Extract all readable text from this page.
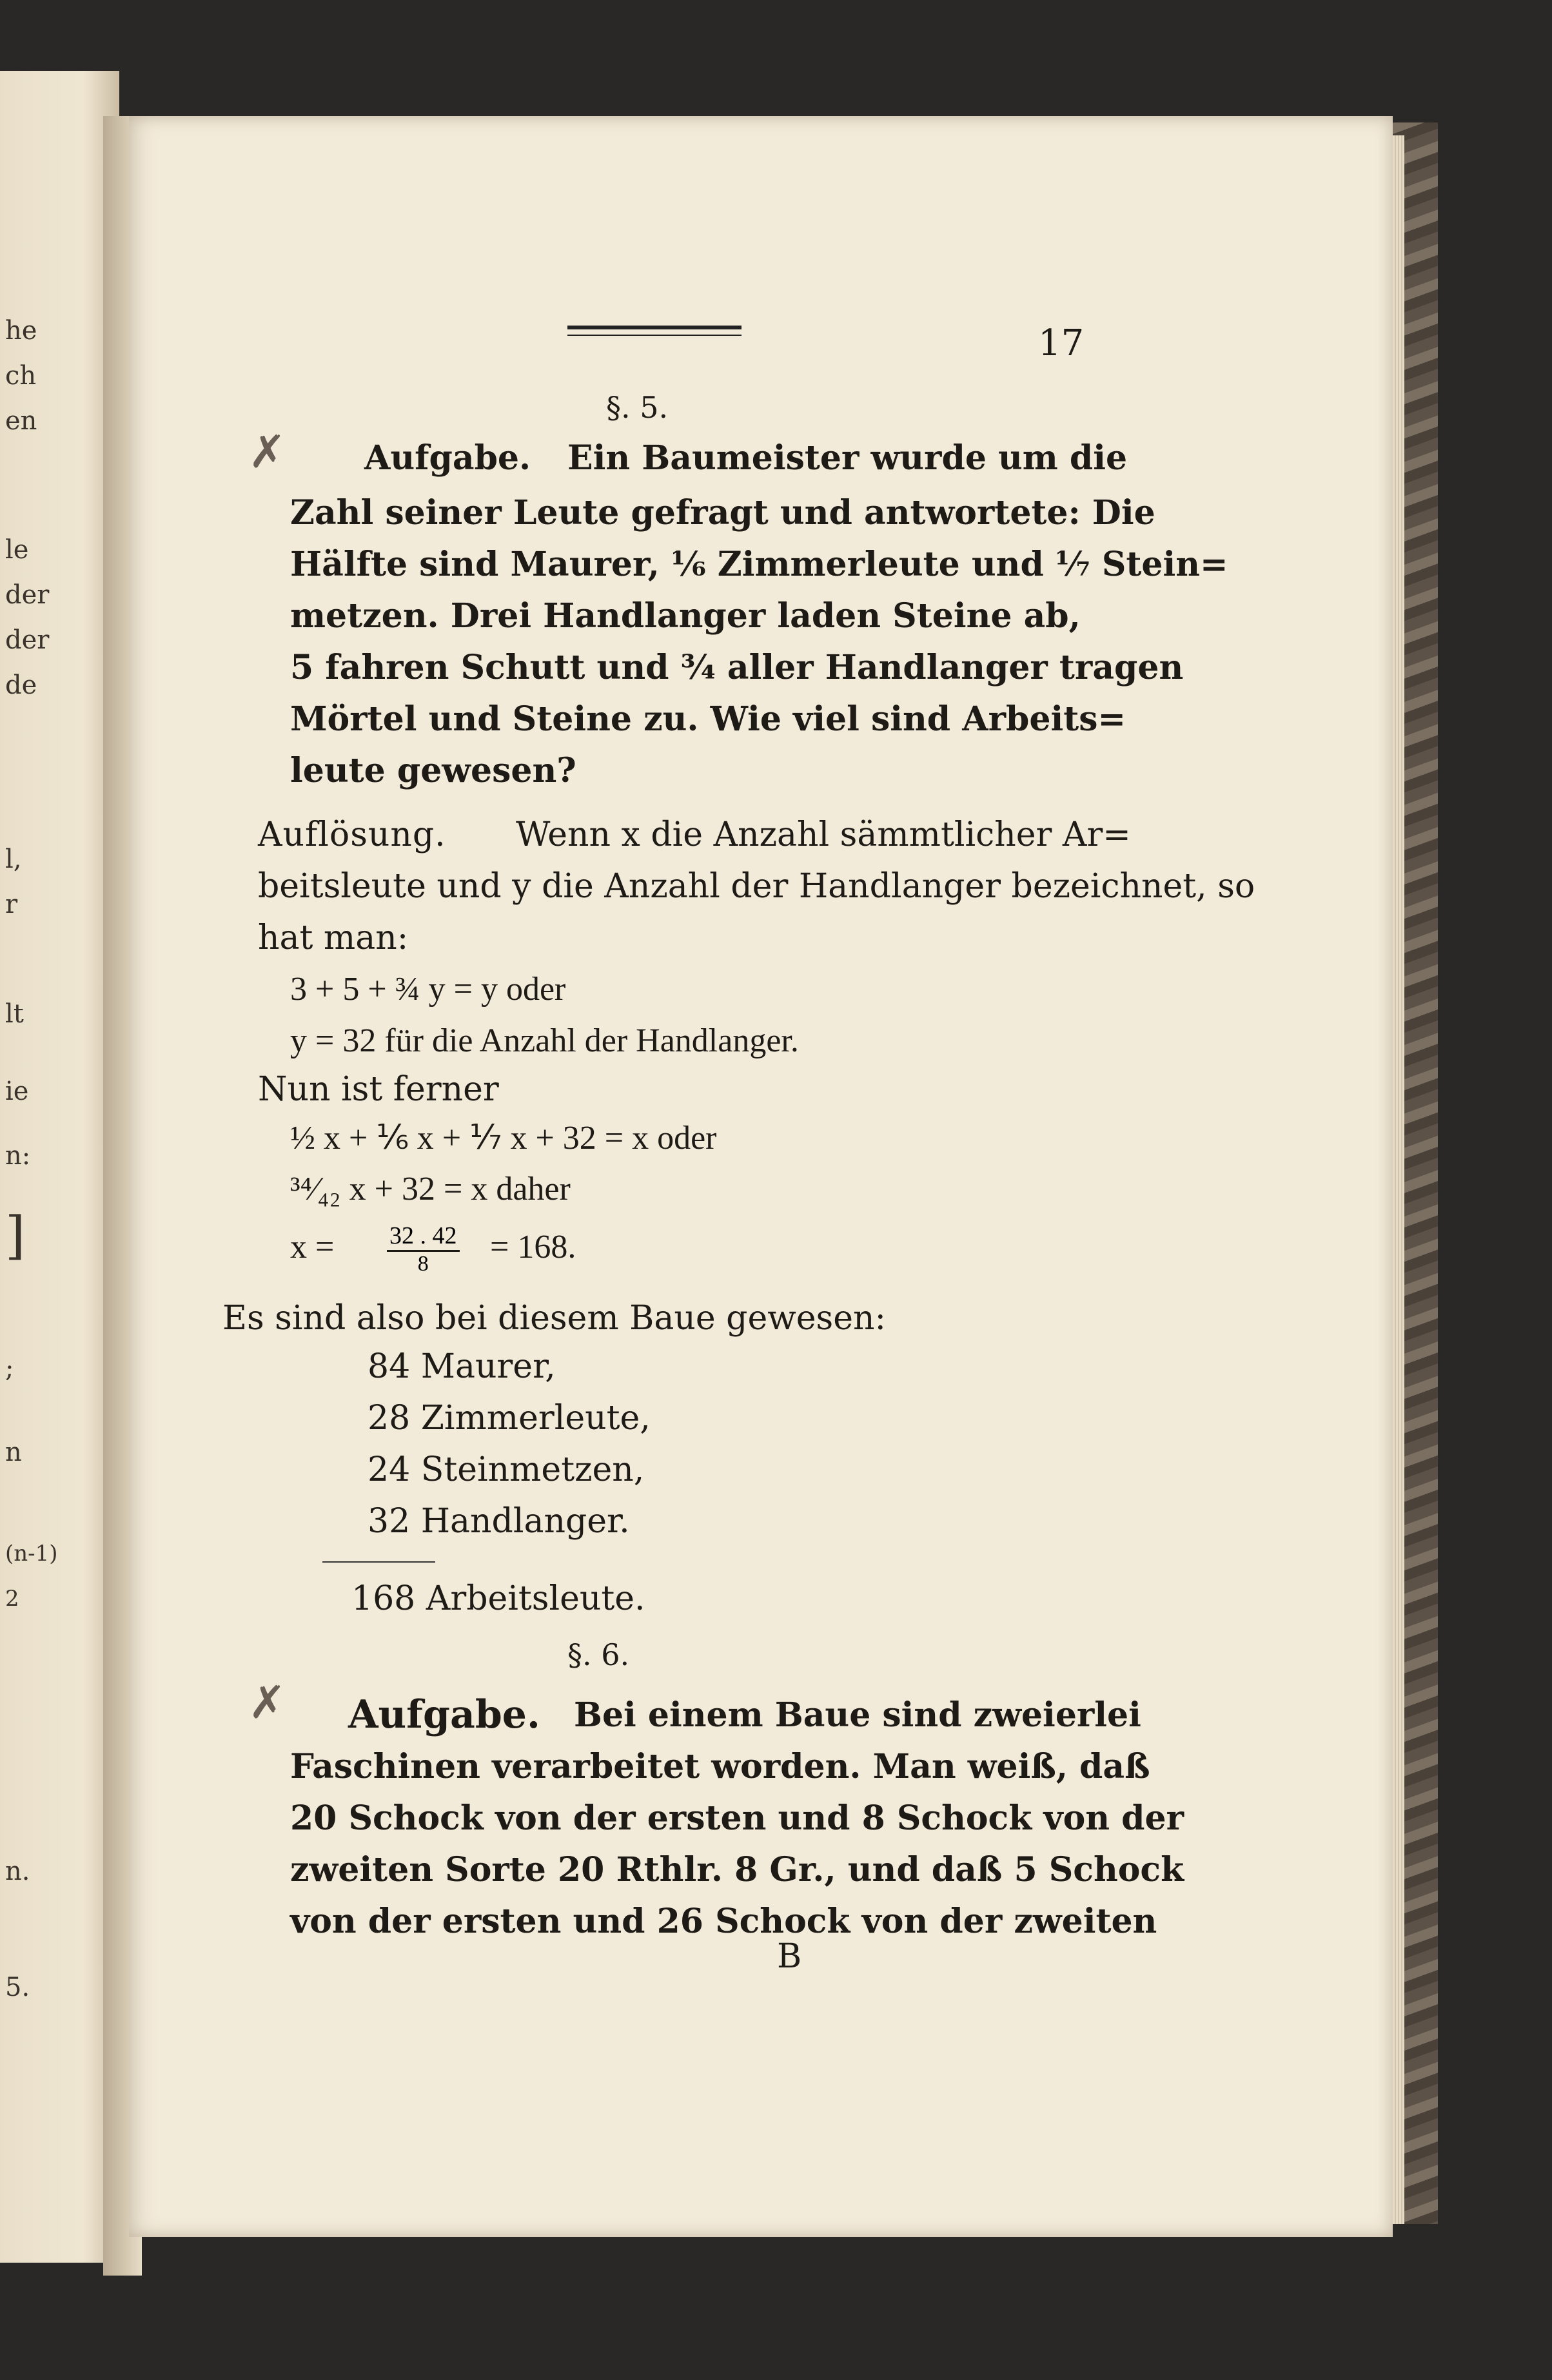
he
ch
en
le
der
der
de
l,
r
lt
ie
n:
]
;
n
(n-1)
2
n.
5.
17
§. 5.
✗ Aufgabe. Ein Baumeister wurde um die
Zahl seiner Leute gefragt und antwortete: Die
Hälfte sind Maurer, ⅙ Zimmerleute und ⅐ Stein=
metzen. Drei Handlanger laden Steine ab,
5 fahren Schutt und ¾ aller Handlanger tragen
Mörtel und Steine zu. Wie viel sind Arbeits=
leute gewesen?
Auflösung. Wenn x die Anzahl sämmtlicher Ar=
beitsleute und y die Anzahl der Handlanger bezeichnet, so
hat man:
3 + 5 + ¾ y = y oder
y = 32 für die Anzahl der Handlanger.
Nun ist ferner
½ x + ⅙ x + ⅐ x + 32 = x oder
³⁴⁄₄₂ x + 32 = x daher
$x = \frac{32 . 42}{8} = 168$.
Es sind also bei diesem Baue gewesen:
84 Maurer,
28 Zimmerleute,
24 Steinmetzen,
32 Handlanger.
168 Arbeitsleute.
§. 6.
✗ Aufgabe. Bei einem Baue sind zweierlei
Faschinen verarbeitet worden. Man weiß, daß
20 Schock von der ersten und 8 Schock von der
zweiten Sorte 20 Rthlr. 8 Gr., und daß 5 Schock
von der ersten und 26 Schock von der zweiten
B
